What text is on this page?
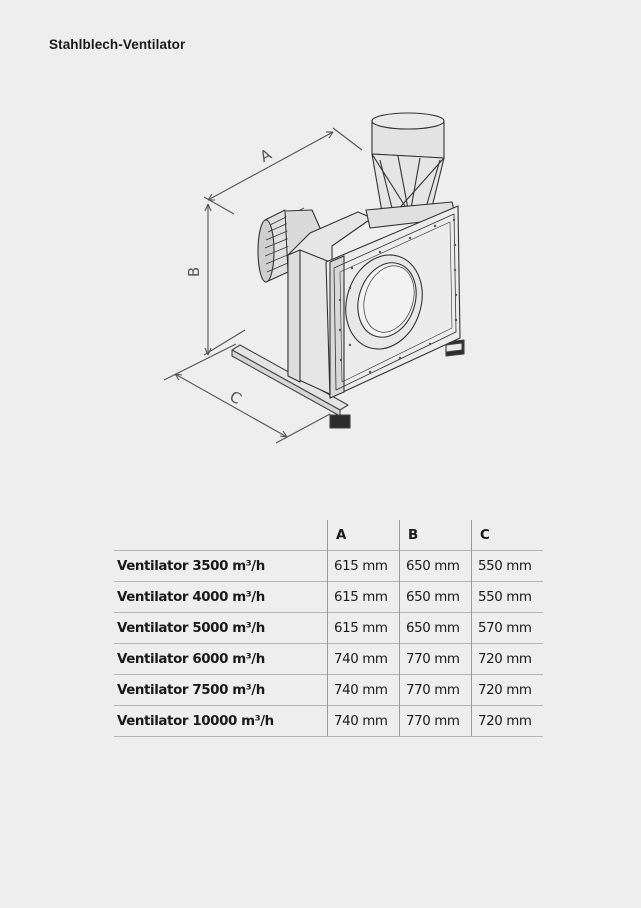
Stahlblech-Ventilator
A
B
C
	A	B	C
Ventilator 3500 m³/h	615 mm	650 mm	550 mm
Ventilator 4000 m³/h	615 mm	650 mm	550 mm
Ventilator 5000 m³/h	615 mm	650 mm	570 mm
Ventilator 6000 m³/h	740 mm	770 mm	720 mm
Ventilator 7500 m³/h	740 mm	770 mm	720 mm
Ventilator 10000 m³/h	740 mm	770 mm	720 mm
